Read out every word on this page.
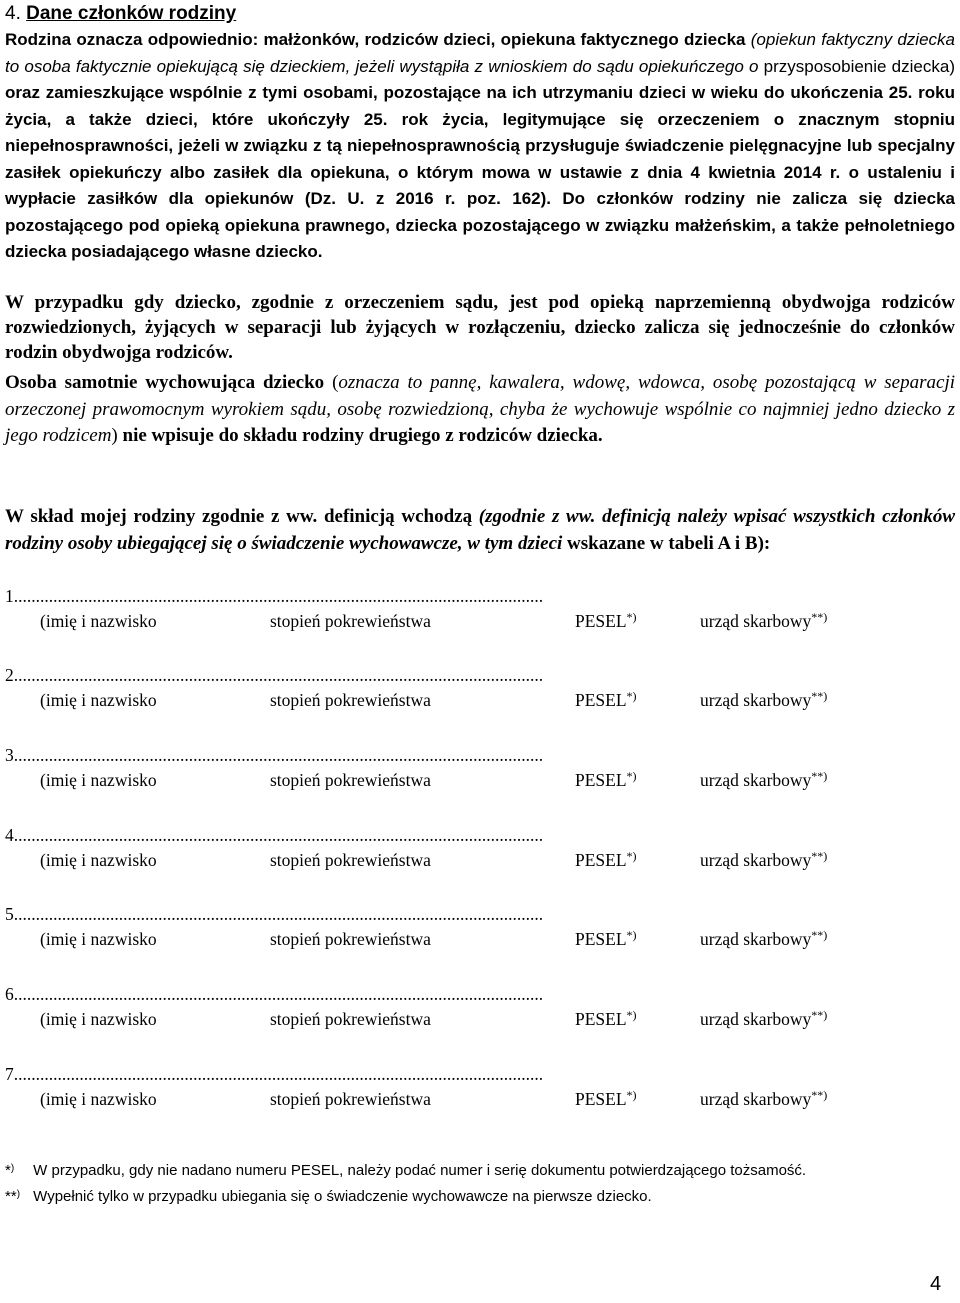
4. Dane członków rodziny
Rodzina oznacza odpowiednio: małżonków, rodziców dzieci, opiekuna faktycznego dziecka (opiekun faktyczny dziecka to osoba faktycznie opiekującą się dzieckiem, jeżeli wystąpiła z wnioskiem do sądu opiekuńczego o przysposobienie dziecka) oraz zamieszkujące wspólnie z tymi osobami, pozostające na ich utrzymaniu dzieci w wieku do ukończenia 25. roku życia, a także dzieci, które ukończyły 25. rok życia, legitymujące się orzeczeniem o znacznym stopniu niepełnosprawności, jeżeli w związku z tą niepełnosprawnością przysługuje świadczenie pielęgnacyjne lub specjalny zasiłek opiekuńczy albo zasiłek dla opiekuna, o którym mowa w ustawie z dnia 4 kwietnia 2014 r. o ustaleniu i wypłacie zasiłków dla opiekunów (Dz. U. z 2016 r. poz. 162). Do członków rodziny nie zalicza się dziecka pozostającego pod opieką opiekuna prawnego, dziecka pozostającego w związku małżeńskim, a także pełnoletniego dziecka posiadającego własne dziecko.
W przypadku gdy dziecko, zgodnie z orzeczeniem sądu, jest pod opieką naprzemienną obydwojga rodziców rozwiedzionych, żyjących w separacji lub żyjących w rozłączeniu, dziecko zalicza się jednocześnie do członków rodzin obydwojga rodziców.
Osoba samotnie wychowująca dziecko (oznacza to pannę, kawalera, wdowę, wdowca, osobę pozostającą w separacji orzeczonej prawomocnym wyrokiem sądu, osobę rozwiedzioną, chyba że wychowuje wspólnie co najmniej jedno dziecko z jego rodzicem) nie wpisuje do składu rodziny drugiego z rodziców dziecka.
W skład mojej rodziny zgodnie z ww. definicją wchodzą (zgodnie z ww. definicją należy wpisać wszystkich członków rodziny osoby ubiegającej się o świadczenie wychowawcze, w tym dzieci wskazane w tabeli A i B):
1.........................................................................................................................
(imię i nazwisko	stopień pokrewieństwa	PESEL*)	urząd skarbowy**)
2.........................................................................................................................
(imię i nazwisko	stopień pokrewieństwa	PESEL*)	urząd skarbowy**)
3.........................................................................................................................
(imię i nazwisko	stopień pokrewieństwa	PESEL*)	urząd skarbowy**)
4.........................................................................................................................
(imię i nazwisko	stopień pokrewieństwa	PESEL*)	urząd skarbowy**)
5.........................................................................................................................
(imię i nazwisko	stopień pokrewieństwa	PESEL*)	urząd skarbowy**)
6.........................................................................................................................
(imię i nazwisko	stopień pokrewieństwa	PESEL*)	urząd skarbowy**)
7.........................................................................................................................
(imię i nazwisko	stopień pokrewieństwa	PESEL*)	urząd skarbowy**)
*) W przypadku, gdy nie nadano numeru PESEL, należy podać numer i serię dokumentu potwierdzającego tożsamość.
**) Wypełnić tylko w przypadku ubiegania się o świadczenie wychowawcze na pierwsze dziecko.
4
